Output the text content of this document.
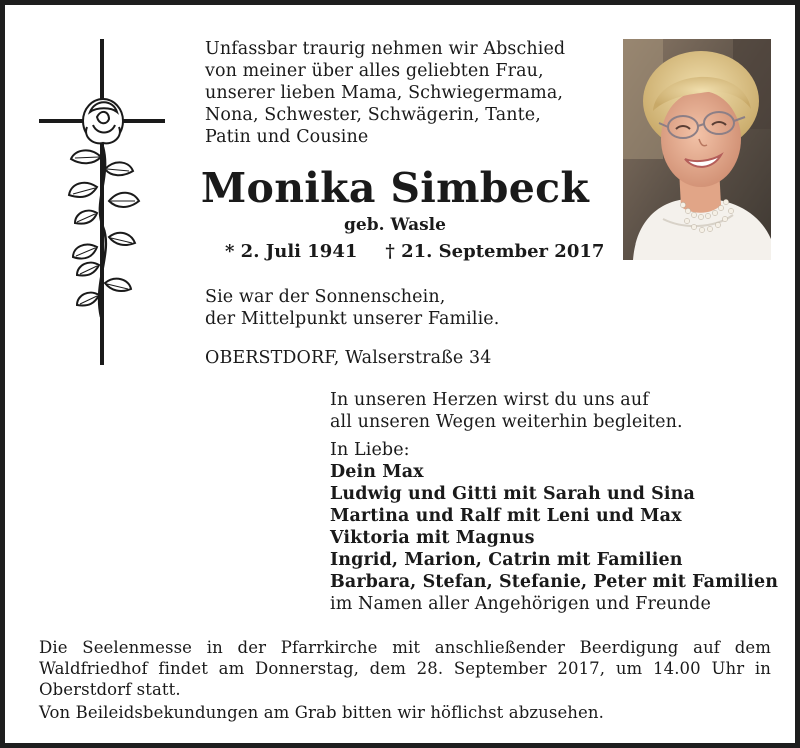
Unfassbar traurig nehmen wir Abschied
von meiner über alles geliebten Frau,
unserer lieben Mama, Schwiegermama,
Nona, Schwester, Schwägerin, Tante,
Patin und Cousine
Monika Simbeck
geb. Wasle
* 2. Juli 1941 † 21. September 2017
Sie war der Sonnenschein,
der Mittelpunkt unserer Familie.
OBERSTDORF, Walserstraße 34
In unseren Herzen wirst du uns auf
all unseren Wegen weiterhin begleiten.
In Liebe:
Dein Max
Ludwig und Gitti mit Sarah und Sina
Martina und Ralf mit Leni und Max
Viktoria mit Magnus
Ingrid, Marion, Catrin mit Familien
Barbara, Stefan, Stefanie, Peter mit Familien
im Namen aller Angehörigen und Freunde
Die Seelenmesse in der Pfarrkirche mit anschließender Beerdigung auf dem
Waldfriedhof findet am Donnerstag, dem 28. September 2017, um 14.00 Uhr in
Oberstdorf statt.
Von Beileidsbekundungen am Grab bitten wir höflichst abzusehen.
